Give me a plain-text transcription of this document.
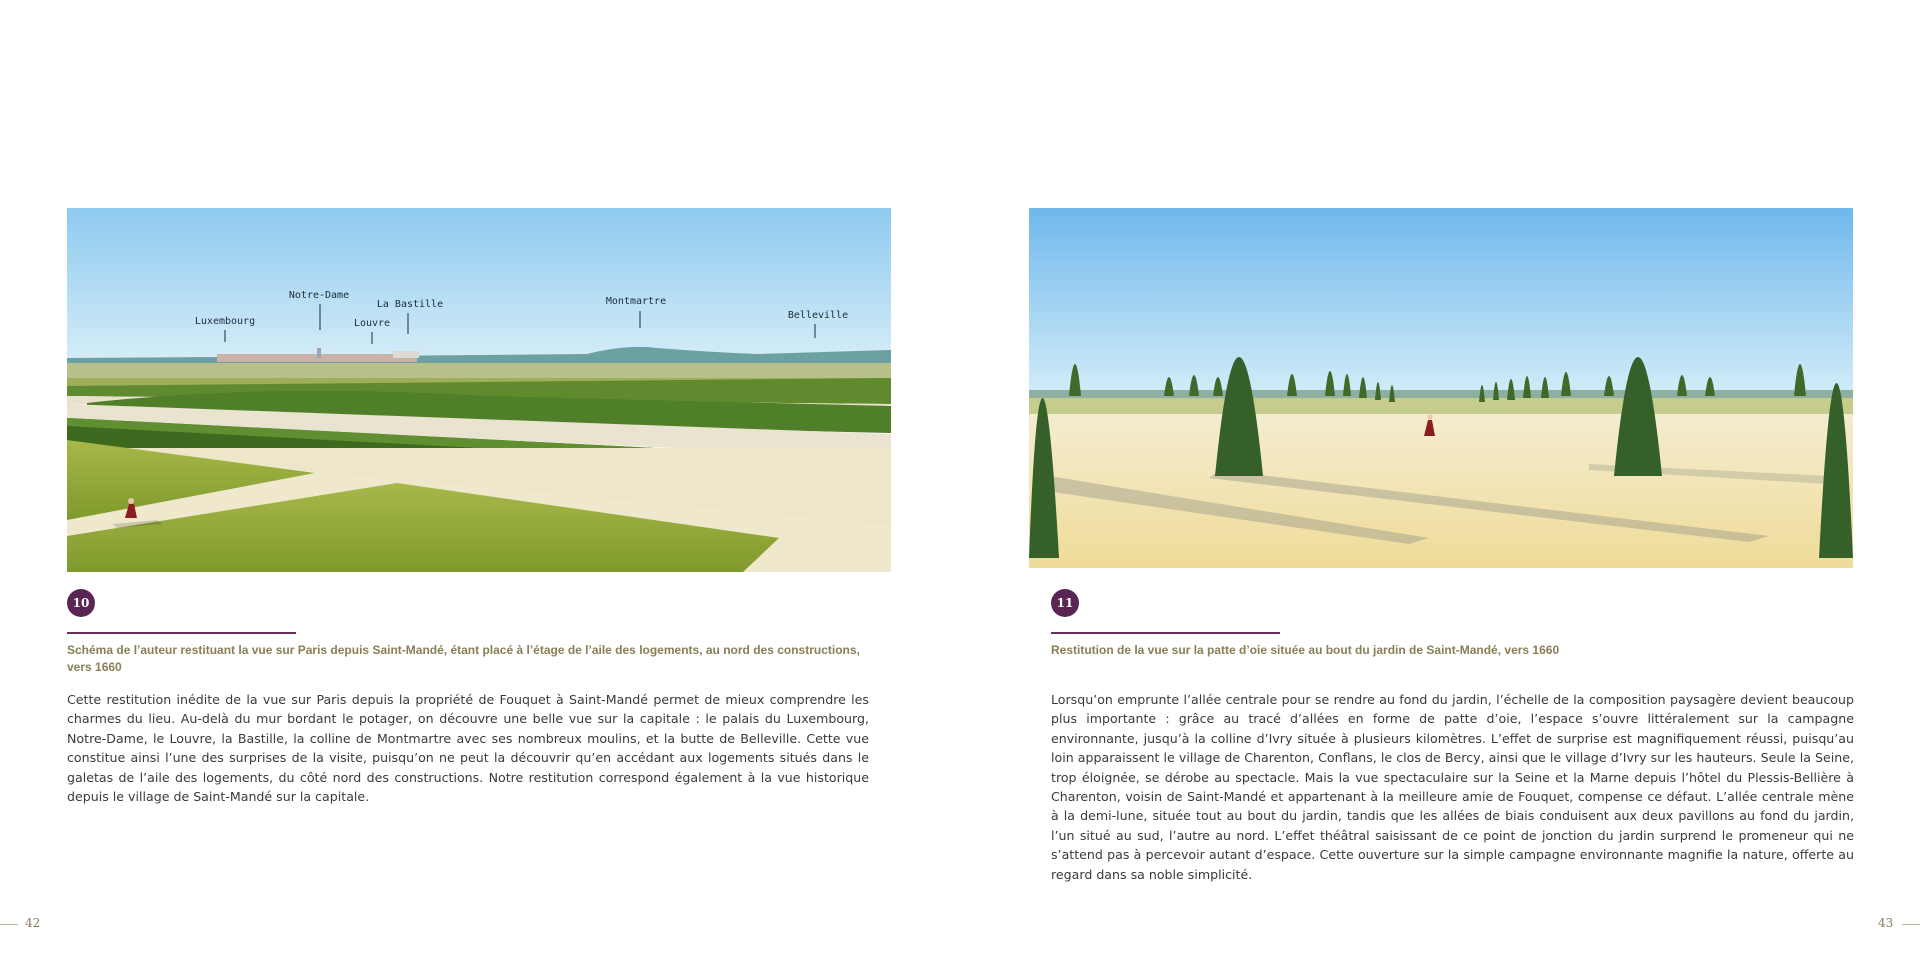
Luxembourg
Notre-Dame
Louvre
La Bastille	Montmartre
Belleville
10
Schéma de l’auteur restituant la vue sur Paris depuis Saint-Mandé, étant placé à l’étage de l’aile des logements, au nord des constructions, vers 1660
Cette restitution inédite de la vue sur Paris depuis la propriété de Fouquet à Saint-Mandé permet de mieux comprendre les charmes du lieu. Au-delà du mur bordant le potager, on découvre une belle vue sur la capitale : le palais du Luxembourg, Notre-Dame, le Louvre, la Bastille, la colline de Montmartre avec ses nombreux moulins, et la butte de Belleville. Cette vue constitue ainsi l’une des surprises de la visite, puisqu’on ne peut la découvrir qu’en accédant aux logements situés dans le galetas de l’aile des logements, du côté nord des constructions. Notre restitution correspond également à la vue historique depuis le village de Saint-Mandé sur la capitale.
42
11
Restitution de la vue sur la patte d’oie située au bout du jardin de Saint-Mandé, vers 1660
Lorsqu’on emprunte l’allée centrale pour se rendre au fond du jardin, l’échelle de la composition paysagère devient beaucoup plus importante : grâce au tracé d’allées en forme de patte d’oie, l’espace s’ouvre littéralement sur la campagne environnante, jusqu’à la colline d’Ivry située à plusieurs kilomètres. L’effet de surprise est magnifiquement réussi, puisqu’au loin apparaissent le village de Charenton, Conflans, le clos de Bercy, ainsi que le village d’Ivry sur les hauteurs. Seule la Seine, trop éloignée, se dérobe au spectacle. Mais la vue spectaculaire sur la Seine et la Marne depuis l’hôtel du Plessis-Bellière à Charenton, voisin de Saint-Mandé et appartenant à la meilleure amie de Fouquet, compense ce défaut. L’allée centrale mène à la demi-lune, située tout au bout du jardin, tandis que les allées de biais conduisent aux deux pavillons au fond du jardin, l’un situé au sud, l’autre au nord. L’effet théâtral saisissant de ce point de jonction du jardin surprend le promeneur qui ne s’attend pas à percevoir autant d’espace. Cette ouverture sur la simple campagne environnante magnifie la nature, offerte au regard dans sa noble simplicité.
43
